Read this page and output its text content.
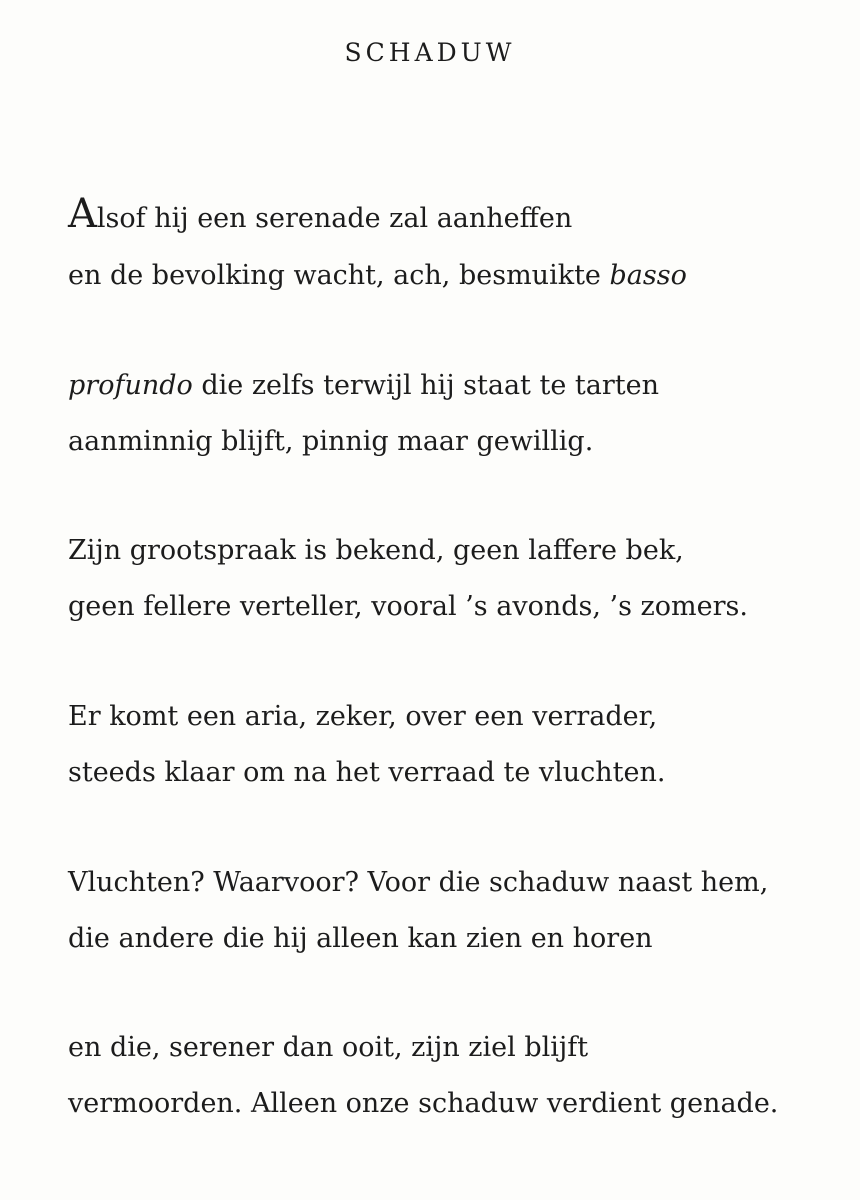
SCHADUW
Alsof hij een serenade zal aanheffen
en de bevolking wacht, ach, besmuikte basso
profundo die zelfs terwijl hij staat te tarten
aanminnig blijft, pinnig maar gewillig.
Zijn grootspraak is bekend, geen laffere bek,
geen fellere verteller, vooral ’s avonds, ’s zomers.
Er komt een aria, zeker, over een verrader,
steeds klaar om na het verraad te vluchten.
Vluchten? Waarvoor? Voor die schaduw naast hem,
die andere die hij alleen kan zien en horen
en die, serener dan ooit, zijn ziel blijft
vermoorden. Alleen onze schaduw verdient genade.
